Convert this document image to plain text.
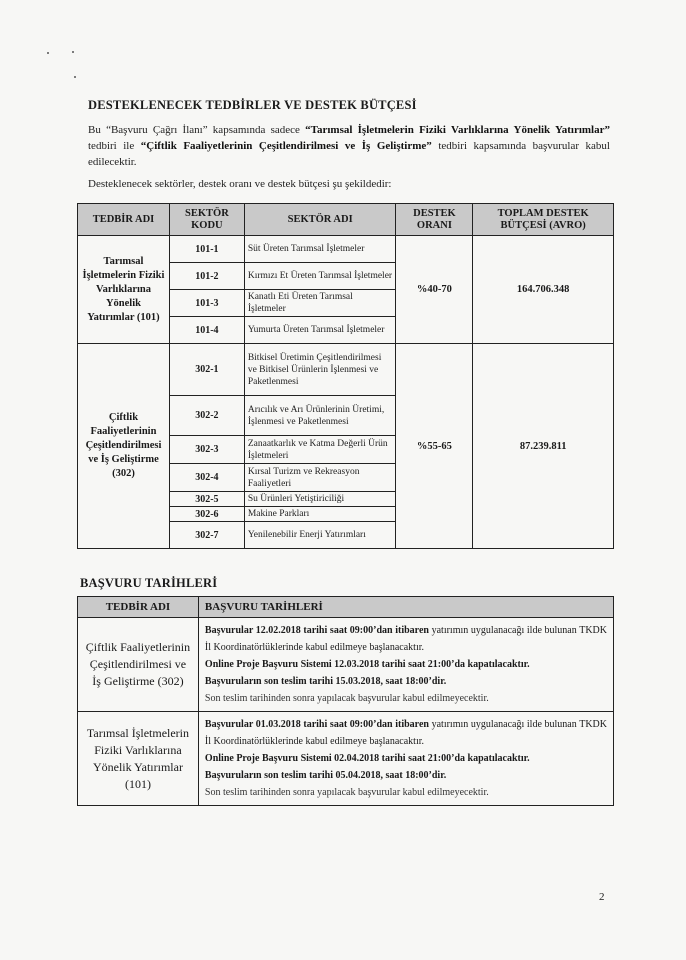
DESTEKLENECEK TEDBİRLER VE DESTEK BÜTÇESİ

Bu “Başvuru Çağrı İlanı” kapsamında sadece “Tarımsal İşletmelerin Fiziki Varlıklarına Yönelik Yatırımlar” tedbiri ile “Çiftlik Faaliyetlerinin Çeşitlendirilmesi ve İş Geliştirme” tedbiri kapsamında başvurular kabul edilecektir.

Desteklenecek sektörler, destek oranı ve destek bütçesi şu şekildedir:

TEDBİR ADI	SEKTÖR KODU	SEKTÖR ADI	DESTEK ORANI	TOPLAM DESTEK BÜTÇESİ (AVRO)
Tarımsal İşletmelerin Fiziki Varlıklarına Yönelik Yatırımlar (101)	101-1	Süt Üreten Tarımsal İşletmeler	%40-70	164.706.348
	101-2	Kırmızı Et Üreten Tarımsal İşletmeler		
	101-3	Kanatlı Eti Üreten Tarımsal İşletmeler		
	101-4	Yumurta Üreten Tarımsal İşletmeler		
Çiftlik Faaliyetlerinin Çeşitlendirilmesi ve İş Geliştirme (302)	302-1	Bitkisel Üretimin Çeşitlendirilmesi ve Bitkisel Ürünlerin İşlenmesi ve Paketlenmesi	%55-65	87.239.811
	302-2	Arıcılık ve Arı Ürünlerinin Üretimi, İşlenmesi ve Paketlenmesi		
	302-3	Zanaatkarlık ve Katma Değerli Ürün İşletmeleri		
	302-4	Kırsal Turizm ve Rekreasyon Faaliyetleri		
	302-5	Su Ürünleri Yetiştiriciliği		
	302-6	Makine Parkları		
	302-7	Yenilenebilir Enerji Yatırımları		
BAŞVURU TARİHLERİ
TEDBİR ADI	BAŞVURU TARİHLERİ
Çiftlik Faaliyetlerinin Çeşitlendirilmesi ve İş Geliştirme (302)	Başvurular 12.02.2018 tarihi saat 09:00’dan itibaren yatırımın uygulanacağı ilde bulunan TKDK İl Koordinatörlüklerinde kabul edilmeye başlanacaktır.
Online Proje Başvuru Sistemi 12.03.2018 tarihi saat 21:00’da kapatılacaktır.
Başvuruların son teslim tarihi 15.03.2018, saat 18:00’dir.
Son teslim tarihinden sonra yapılacak başvurular kabul edilmeyecektir.

Tarımsal İşletmelerin Fiziki Varlıklarına Yönelik Yatırımlar (101)	Başvurular 01.03.2018 tarihi saat 09:00’dan itibaren yatırımın uygulanacağı ilde bulunan TKDK İl Koordinatörlüklerinde kabul edilmeye başlanacaktır.
Online Proje Başvuru Sistemi 02.04.2018 tarihi saat 21:00’da kapatılacaktır.
Başvuruların son teslim tarihi 05.04.2018, saat 18:00’dir.
Son teslim tarihinden sonra yapılacak başvurular kabul edilmeyecektir.
2
